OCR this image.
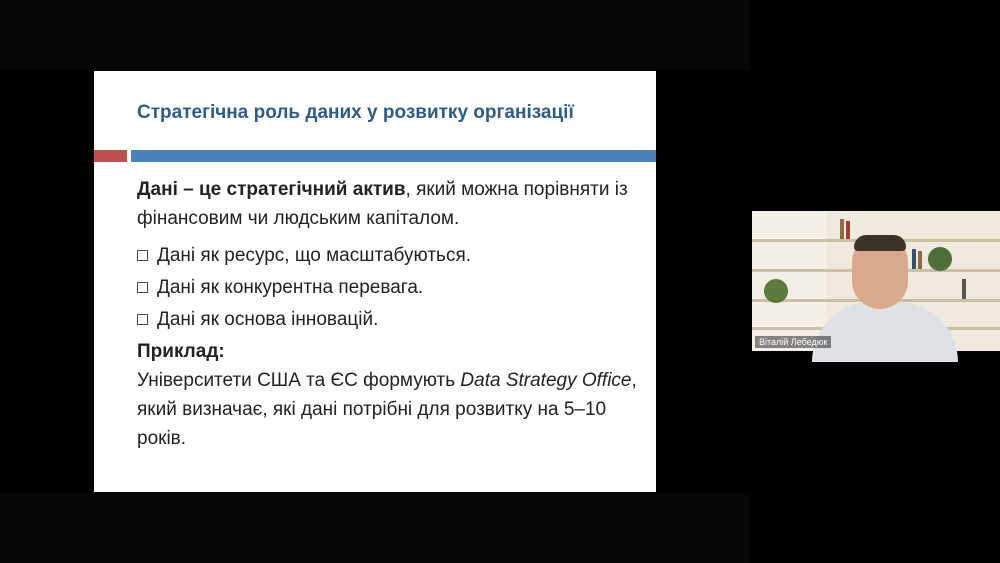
Стратегічна роль даних у розвитку організації
Дані – це стратегічний актив, який можна порівняти із фінансовим чи людським капіталом.
Дані як ресурс, що масштабуються.
Дані як конкурентна перевага.
Дані як основа інновацій.
Приклад:
Університети США та ЄС формують Data Strategy Office, який визначає, які дані потрібні для розвитку на 5–10 років.
Віталій Лебедюк
